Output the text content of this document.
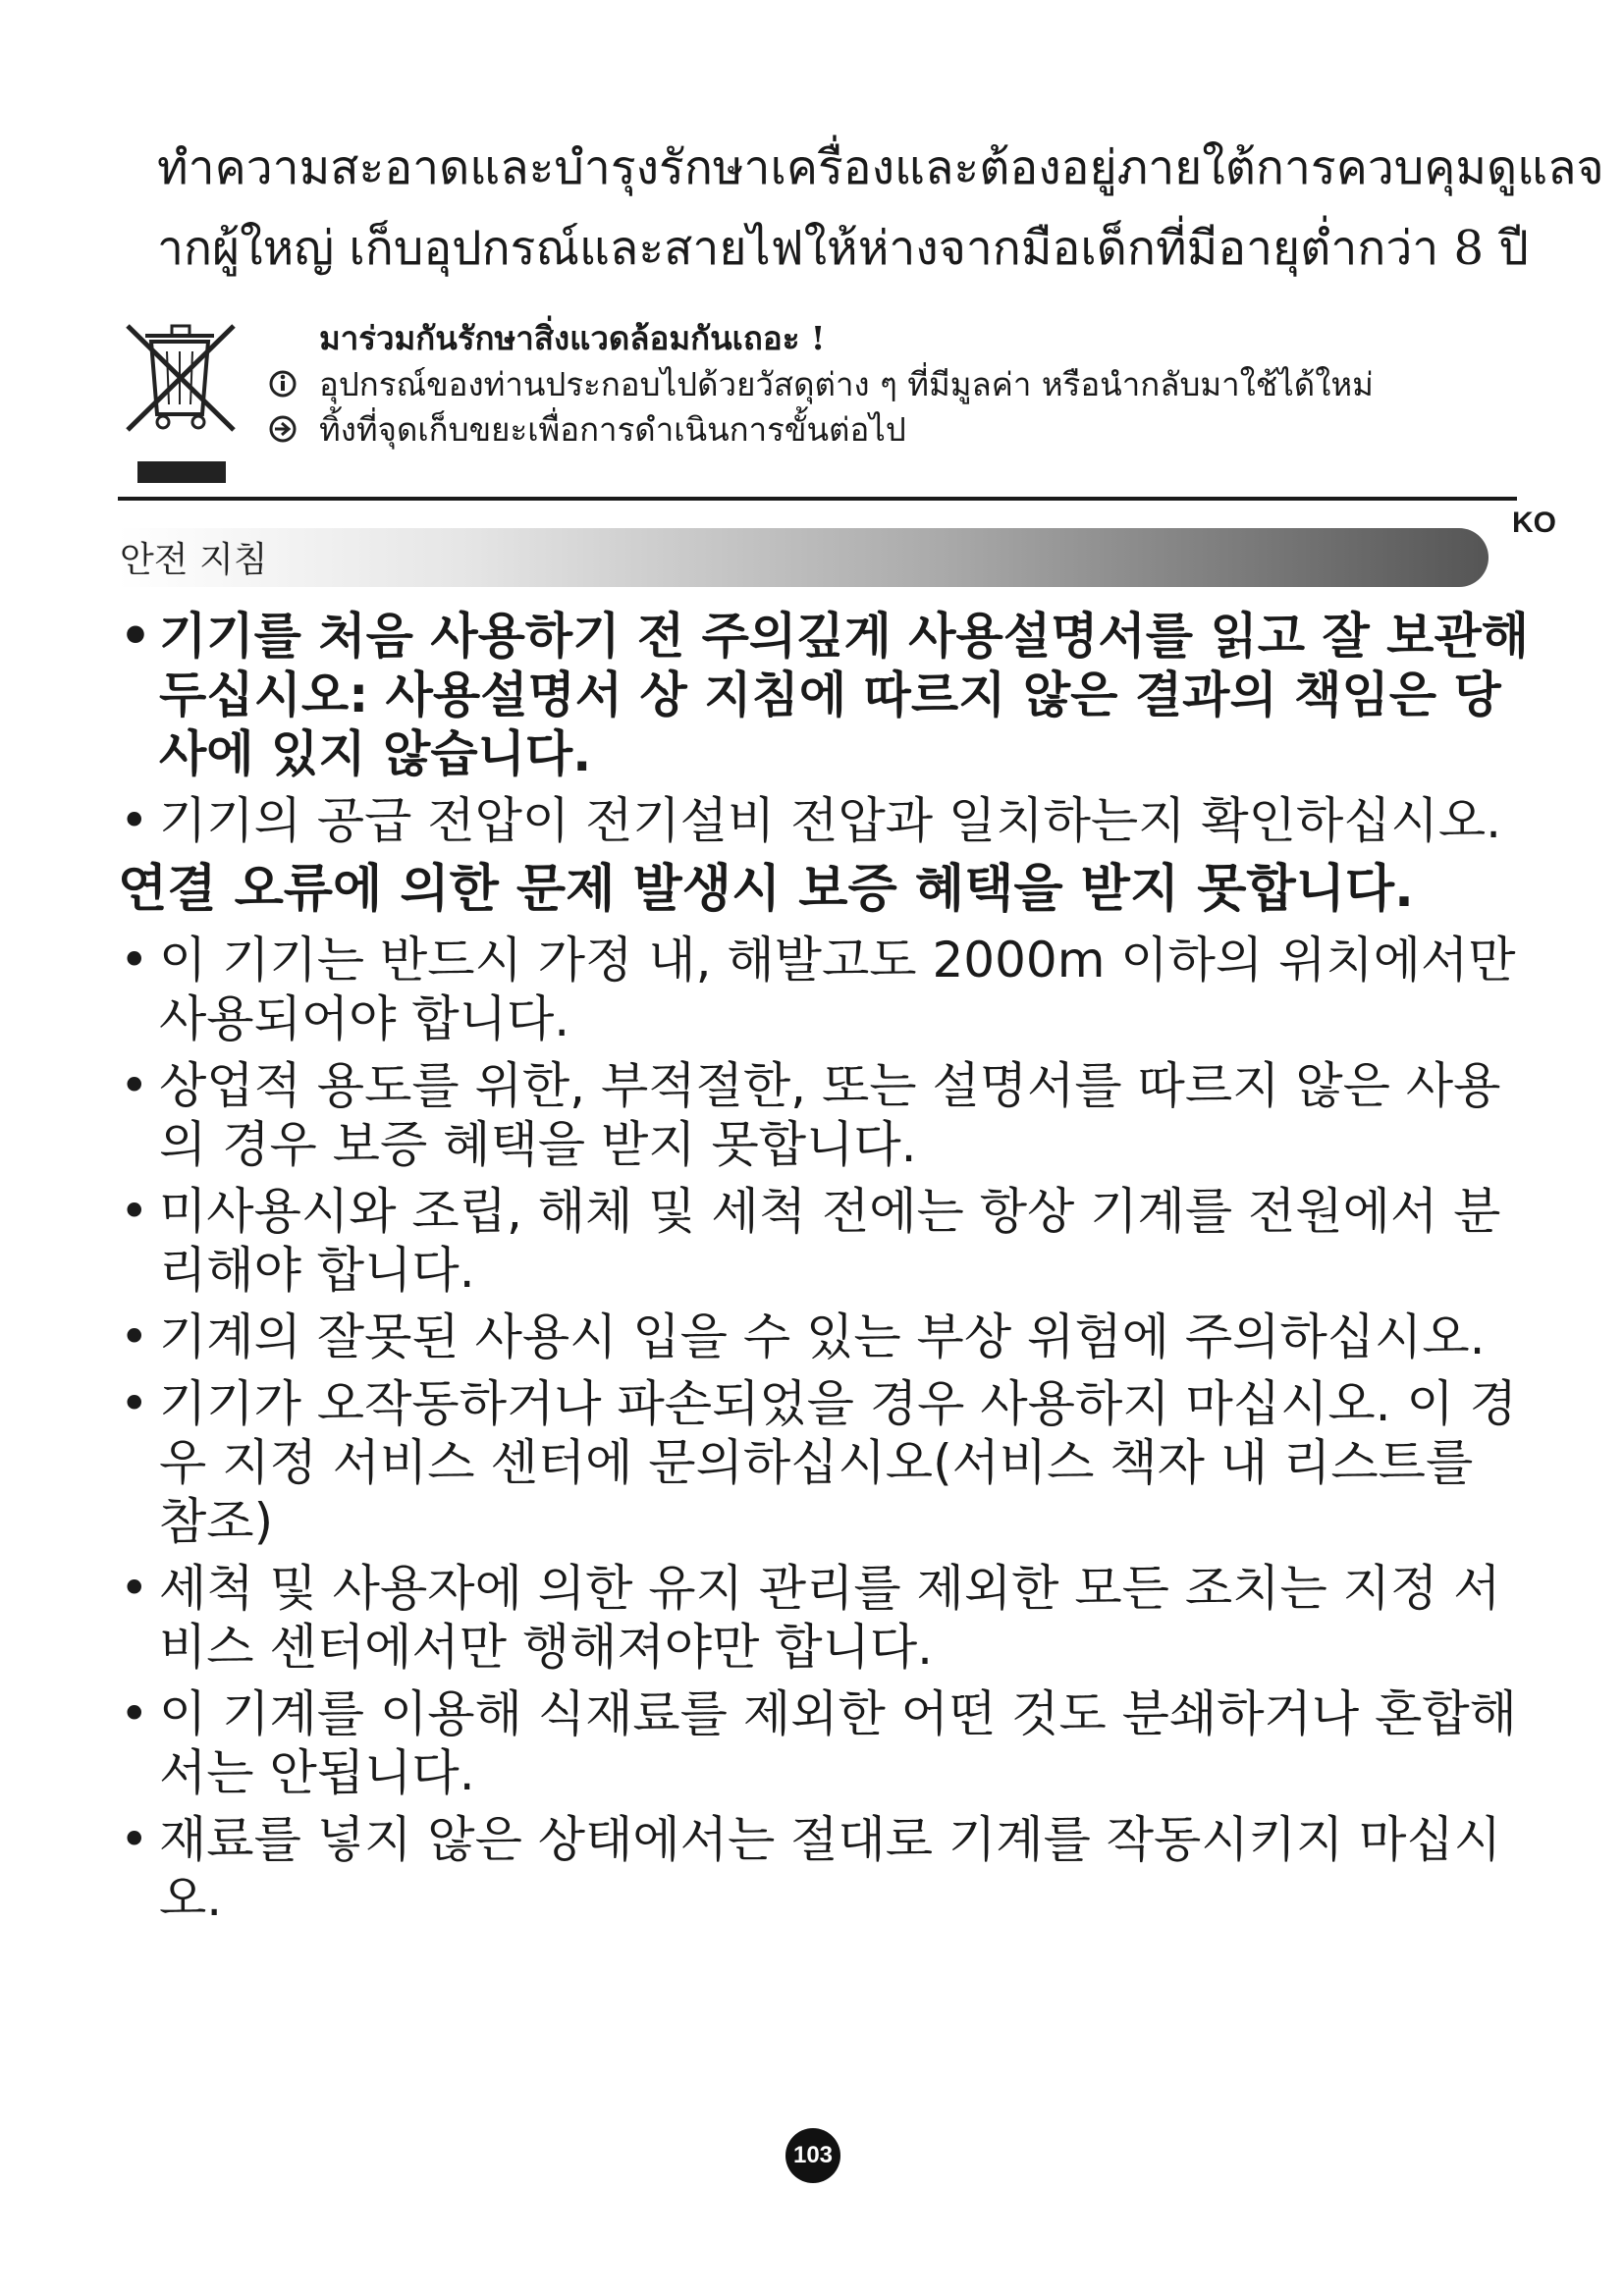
ทำความสะอาดและบำรุงรักษาเครื่องและต้องอยู่ภายใต้การควบคุมดูแลจ

ากผู้ใหญ่ เก็บอุปกรณ์และสายไฟให้ห่างจากมือเด็กที่มีอายุต่ำกว่า 8 ปี

มาร่วมกันรักษาสิ่งแวดล้อมกันเถอะ !
อุปกรณ์ของท่านประกอบไปด้วยวัสดุต่าง ๆ ที่มีมูลค่า หรือนำกลับมาใช้ได้ใหม่
ทิ้งที่จุดเก็บขยะเพื่อการดำเนินการขั้นต่อไป
KO
안전 지침
• 기기를 처음 사용하기 전 주의깊게 사용설명서를 읽고 잘 보관해 두십시오: 사용설명서 상 지침에 따르지 않은 결과의 책임은 당사에 있지 않습니다.
• 기기의 공급 전압이 전기설비 전압과 일치하는지 확인하십시오.
연결 오류에 의한 문제 발생시 보증 혜택을 받지 못합니다.
• 이 기기는 반드시 가정 내, 해발고도 2000m 이하의 위치에서만 사용되어야 합니다.
• 상업적 용도를 위한, 부적절한, 또는 설명서를 따르지 않은 사용의 경우 보증 혜택을 받지 못합니다.
• 미사용시와 조립, 해체 및 세척 전에는 항상 기계를 전원에서 분리해야 합니다.
• 기계의 잘못된 사용시 입을 수 있는 부상 위험에 주의하십시오.
• 기기가 오작동하거나 파손되었을 경우 사용하지 마십시오. 이 경우 지정 서비스 센터에 문의하십시오(서비스 책자 내 리스트를 참조)
• 세척 및 사용자에 의한 유지 관리를 제외한 모든 조치는 지정 서비스 센터에서만 행해져야만 합니다.
• 이 기계를 이용해 식재료를 제외한 어떤 것도 분쇄하거나 혼합해서는 안됩니다.
• 재료를 넣지 않은 상태에서는 절대로 기계를 작동시키지 마십시오.
103
